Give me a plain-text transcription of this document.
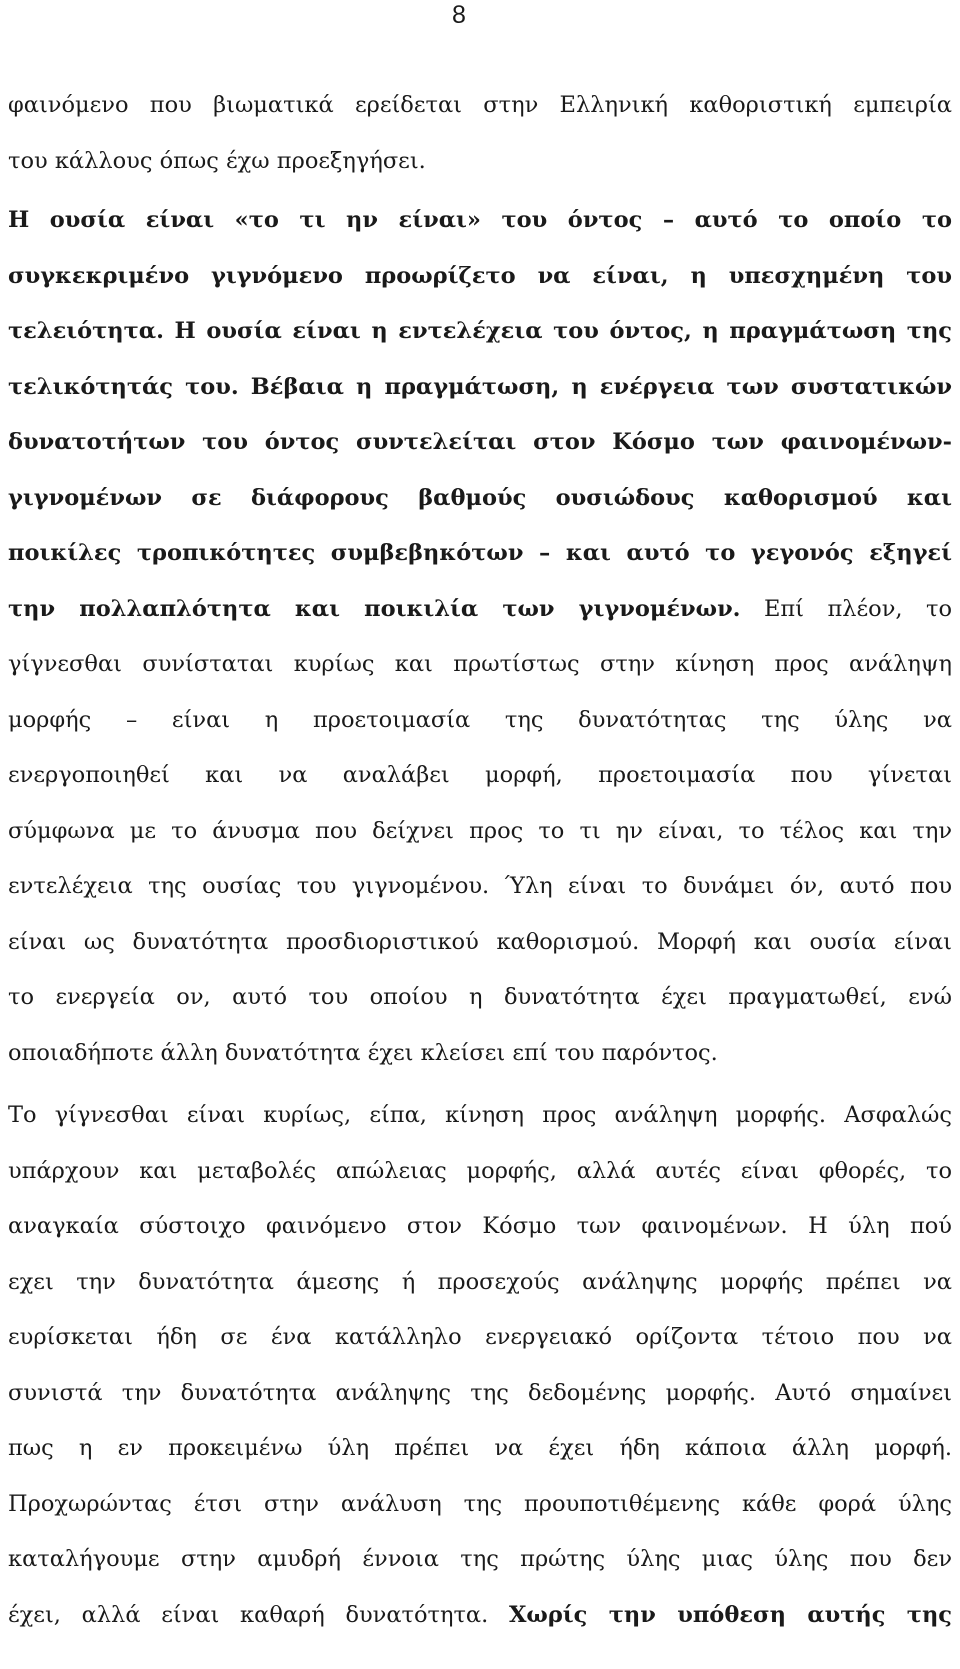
8
φαινόμενο που βιωματικά ερείδεται στην Ελληνική καθοριστική εμπειρία
του κάλλους όπως έχω προεξηγήσει.
Η ουσία είναι «το τι ην είναι» του όντος – αυτό το οποίο το
συγκεκριμένο γιγνόμενο προωρίζετο να είναι, η υπεσχημένη του
τελειότητα. Η ουσία είναι η εντελέχεια του όντος, η πραγμάτωση της
τελικότητάς του. Βέβαια η πραγμάτωση, η ενέργεια των συστατικών
δυνατοτήτων του όντος συντελείται στον Κόσμο των φαινομένων-
γιγνομένων σε διάφορους βαθμούς ουσιώδους καθορισμού και
ποικίλες τροπικότητες συμβεβηκότων – και αυτό το γεγονός εξηγεί
την πολλαπλότητα και ποικιλία των γιγνομένων. Επί πλέον, το
γίγνεσθαι συνίσταται κυρίως και πρωτίστως στην κίνηση προς ανάληψη
μορφής – είναι η προετοιμασία της δυνατότητας της ύλης να
ενεργοποιηθεί και να αναλάβει μορφή, προετοιμασία που γίνεται
σύμφωνα με το άνυσμα που δείχνει προς το τι ην είναι, το τέλος και την
εντελέχεια της ουσίας του γιγνομένου. Ύλη είναι το δυνάμει όν, αυτό που
είναι ως δυνατότητα προσδιοριστικού καθορισμού. Μορφή και ουσία είναι
το ενεργεία ον, αυτό του οποίου η δυνατότητα έχει πραγματωθεί, ενώ
οποιαδήποτε άλλη δυνατότητα έχει κλείσει επί του παρόντος.
Το γίγνεσθαι είναι κυρίως, είπα, κίνηση προς ανάληψη μορφής. Ασφαλώς
υπάρχουν και μεταβολές απώλειας μορφής, αλλά αυτές είναι φθορές, το
αναγκαία σύστοιχο φαινόμενο στον Κόσμο των φαινομένων. Η ύλη πού
εχει την δυνατότητα άμεσης ή προσεχούς ανάληψης μορφής πρέπει να
ευρίσκεται ήδη σε ένα κατάλληλο ενεργειακό ορίζοντα τέτοιο που να
συνιστά την δυνατότητα ανάληψης της δεδομένης μορφής. Αυτό σημαίνει
πως η εν προκειμένω ύλη πρέπει να έχει ήδη κάποια άλλη μορφή.
Προχωρώντας έτσι στην ανάλυση της προυποτιθέμενης κάθε φορά ύλης
καταλήγουμε στην αμυδρή έννοια της πρώτης ύλης μιας ύλης που δεν
έχει, αλλά είναι καθαρή δυνατότητα. Χωρίς την υπόθεση αυτής της
